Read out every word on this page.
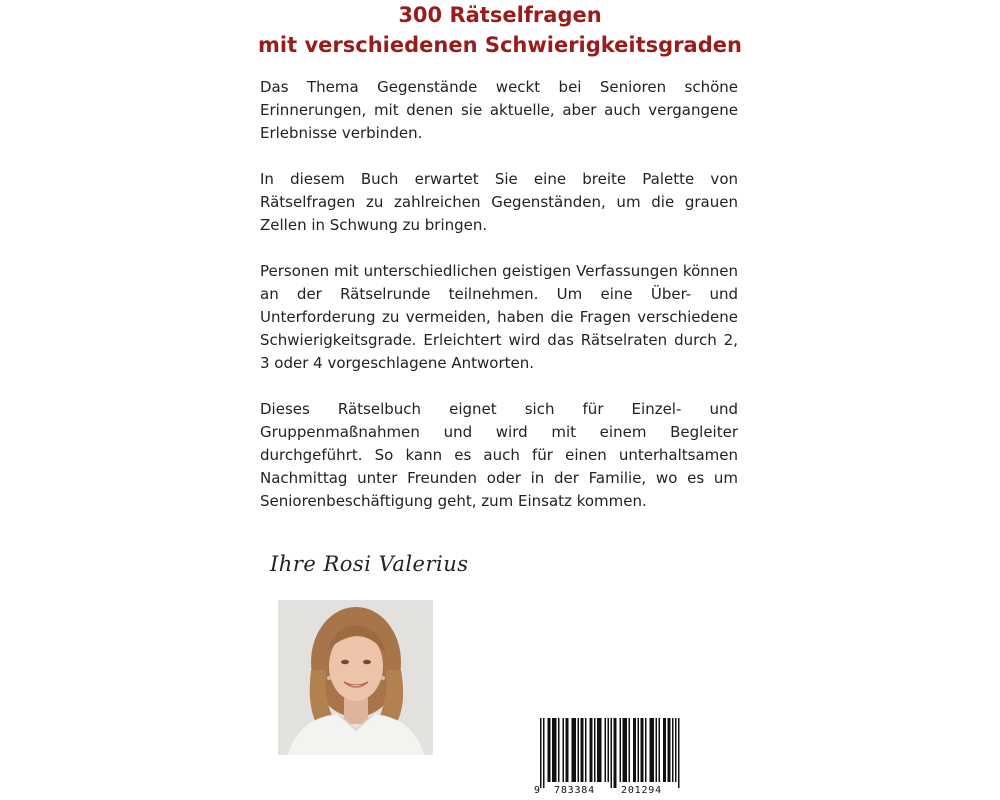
300 Rätselfragen
mit verschiedenen Schwierigkeitsgraden

Das Thema Gegenstände weckt bei Senioren schöne Erinnerungen, mit denen sie aktuelle, aber auch vergangene Erlebnisse verbinden.

In diesem Buch erwartet Sie eine breite Palette von Rätselfragen zu zahlreichen Gegenständen, um die grauen Zellen in Schwung zu bringen.

Personen mit unterschiedlichen geistigen Verfassungen können an der Rätselrunde teilnehmen. Um eine Über- und Unterforderung zu vermeiden, haben die Fragen verschiedene Schwierigkeitsgrade. Erleichtert wird das Rätselraten durch 2, 3 oder 4 vorgeschlagene Antworten.

Dieses Rätselbuch eignet sich für Einzel- und Gruppenmaßnahmen und wird mit einem Begleiter durchgeführt. So kann es auch für einen unterhaltsamen Nachmittag unter Freunden oder in der Familie, wo es um Seniorenbeschäftigung geht, zum Einsatz kommen.

Ihre Rosi Valerius
9 783384	201294
